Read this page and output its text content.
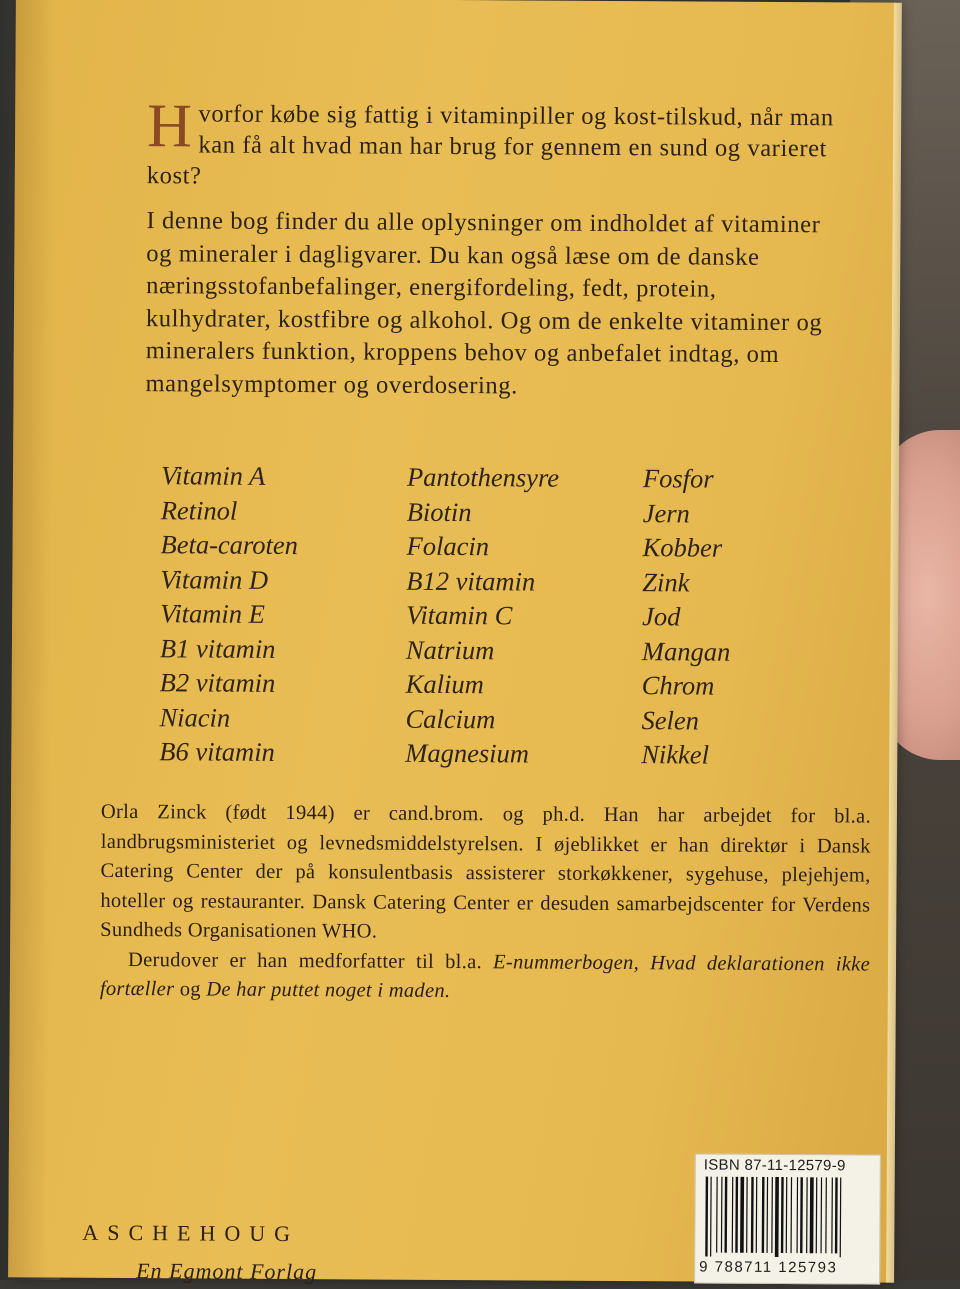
H vorfor købe sig fattig i vitaminpiller og kost-tilskud, når man kan få alt hvad man har brug for gennem en sund og varieret kost?

I denne bog finder du alle oplysninger om indholdet af vitaminer og mineraler i dagligvarer. Du kan også læse om de danske næringsstofanbefalinger, energifordeling, fedt, protein, kulhydrater, kostfibre og alkohol. Og om de enkelte vitaminer og mineralers funktion, kroppens behov og anbefalet indtag, om mangelsymptomer og overdosering.

Vitamin A
Retinol
Beta-caroten
Vitamin D
Vitamin E
B1 vitamin
B2 vitamin
Niacin
B6 vitamin
Pantothensyre
Biotin
Folacin
B12 vitamin
Vitamin C
Natrium
Kalium
Calcium
Magnesium
Fosfor
Jern
Kobber
Zink
Jod
Mangan
Chrom
Selen
Nikkel

Orla Zinck (født 1944) er cand.brom. og ph.d. Han har arbejdet for bl.a. landbrugsministeriet og levnedsmiddelstyrelsen. I øjeblikket er han direktør i Dansk Catering Center der på konsulentbasis assisterer storkøkkener, sygehuse, plejehjem, hoteller og restauranter. Dansk Catering Center er desuden samarbejdscenter for Verdens Sundheds Organisationen WHO.

Derudover er han medforfatter til bl.a. E-nummerbogen, Hvad deklarationen ikke fortæller og De har puttet noget i maden.

ASCHEHOUG
En Egmont Forlag
ISBN 87-11-12579-9
9 788711 125793
